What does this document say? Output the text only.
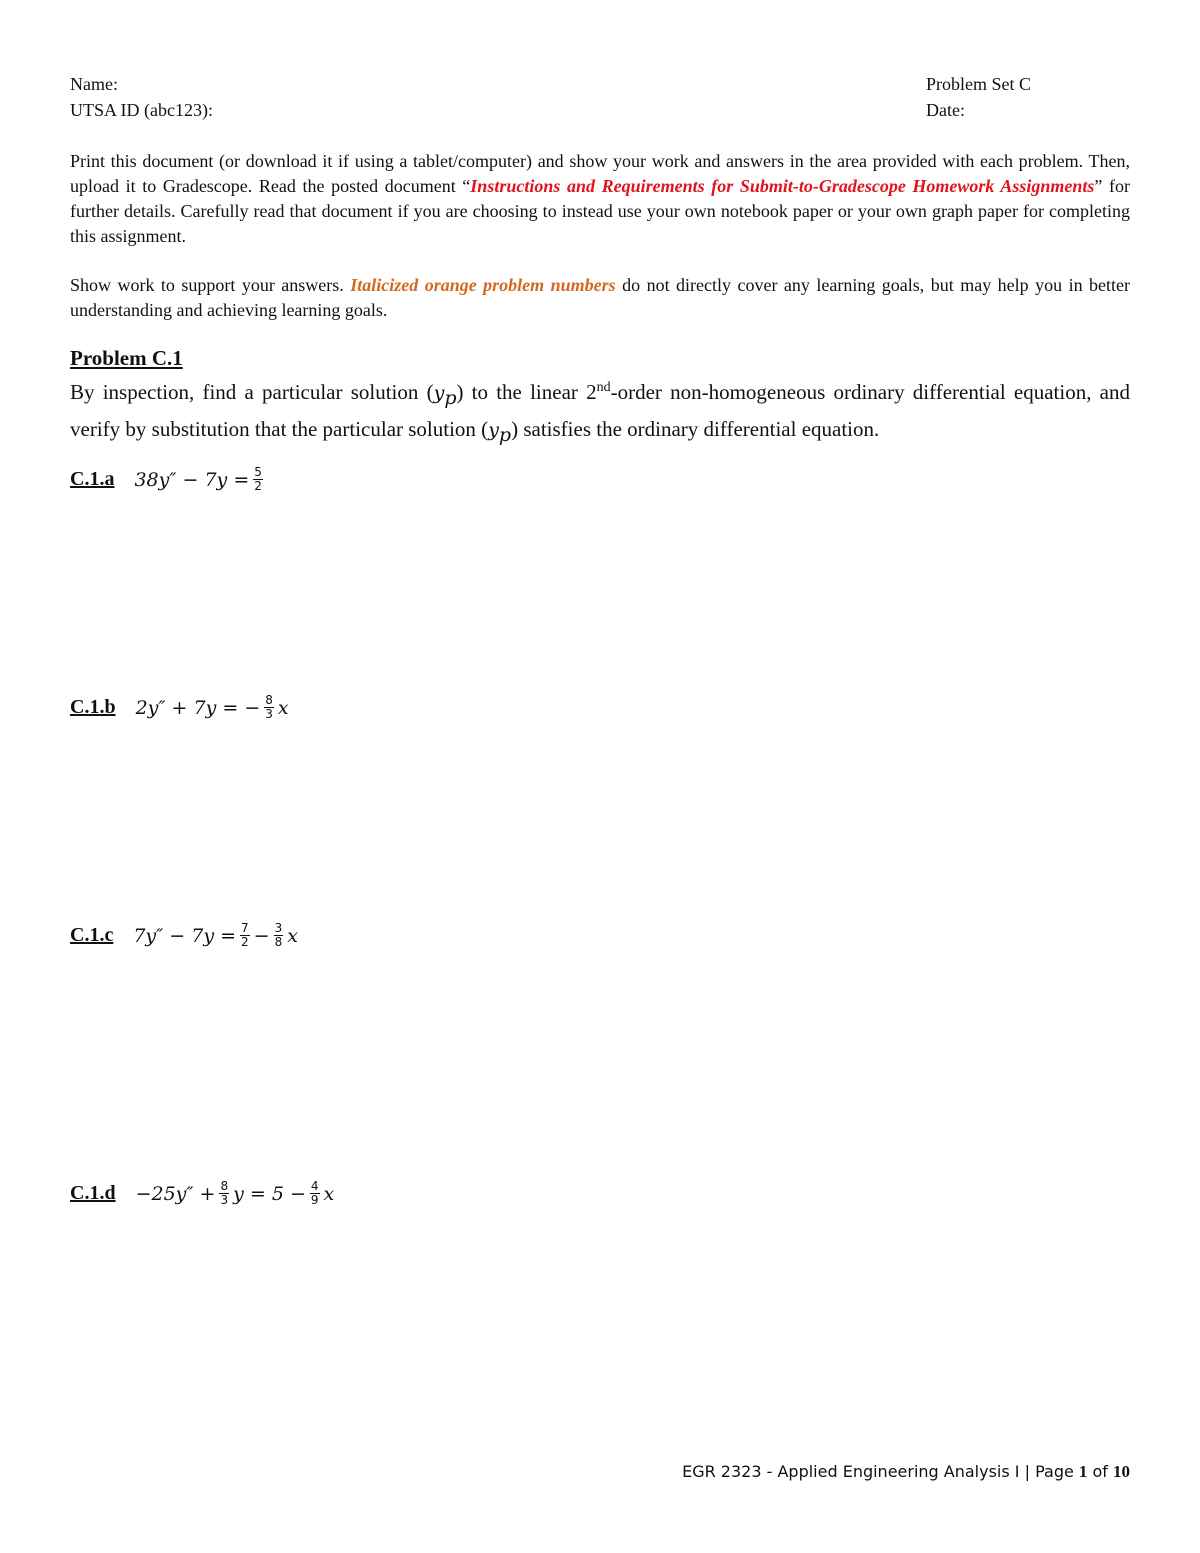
Name:
UTSA ID (abc123):
Problem Set C
Date:
Print this document (or download it if using a tablet/computer) and show your work and answers in the area provided with each problem. Then, upload it to Gradescope. Read the posted document “Instructions and Requirements for Submit-to-Gradescope Homework Assignments” for further details. Carefully read that document if you are choosing to instead use your own notebook paper or your own graph paper for completing this assignment.
Show work to support your answers. Italicized orange problem numbers do not directly cover any learning goals, but may help you in better understanding and achieving learning goals.
Problem C.1
By inspection, find a particular solution $(y_p)$ to the linear 2nd-order non-homogeneous ordinary differential equation, and verify by substitution that the particular solution $(y_p)$ satisfies the ordinary differential equation.
C.1.a $38y'' - 7y = \frac{5}{2}$
C.1.b 2y″ + 7y = − $\frac{8}{3}$ x
C.1.c $7y'' - 7y = \frac{7}{2} - \frac{3}{8}$ x
$C.1.d -25y'' + \frac{8}{3}$ $y = 5 - \frac{4}{9}$ x
EGR 2323 - Applied Engineering Analysis I | Page 1 of 10
